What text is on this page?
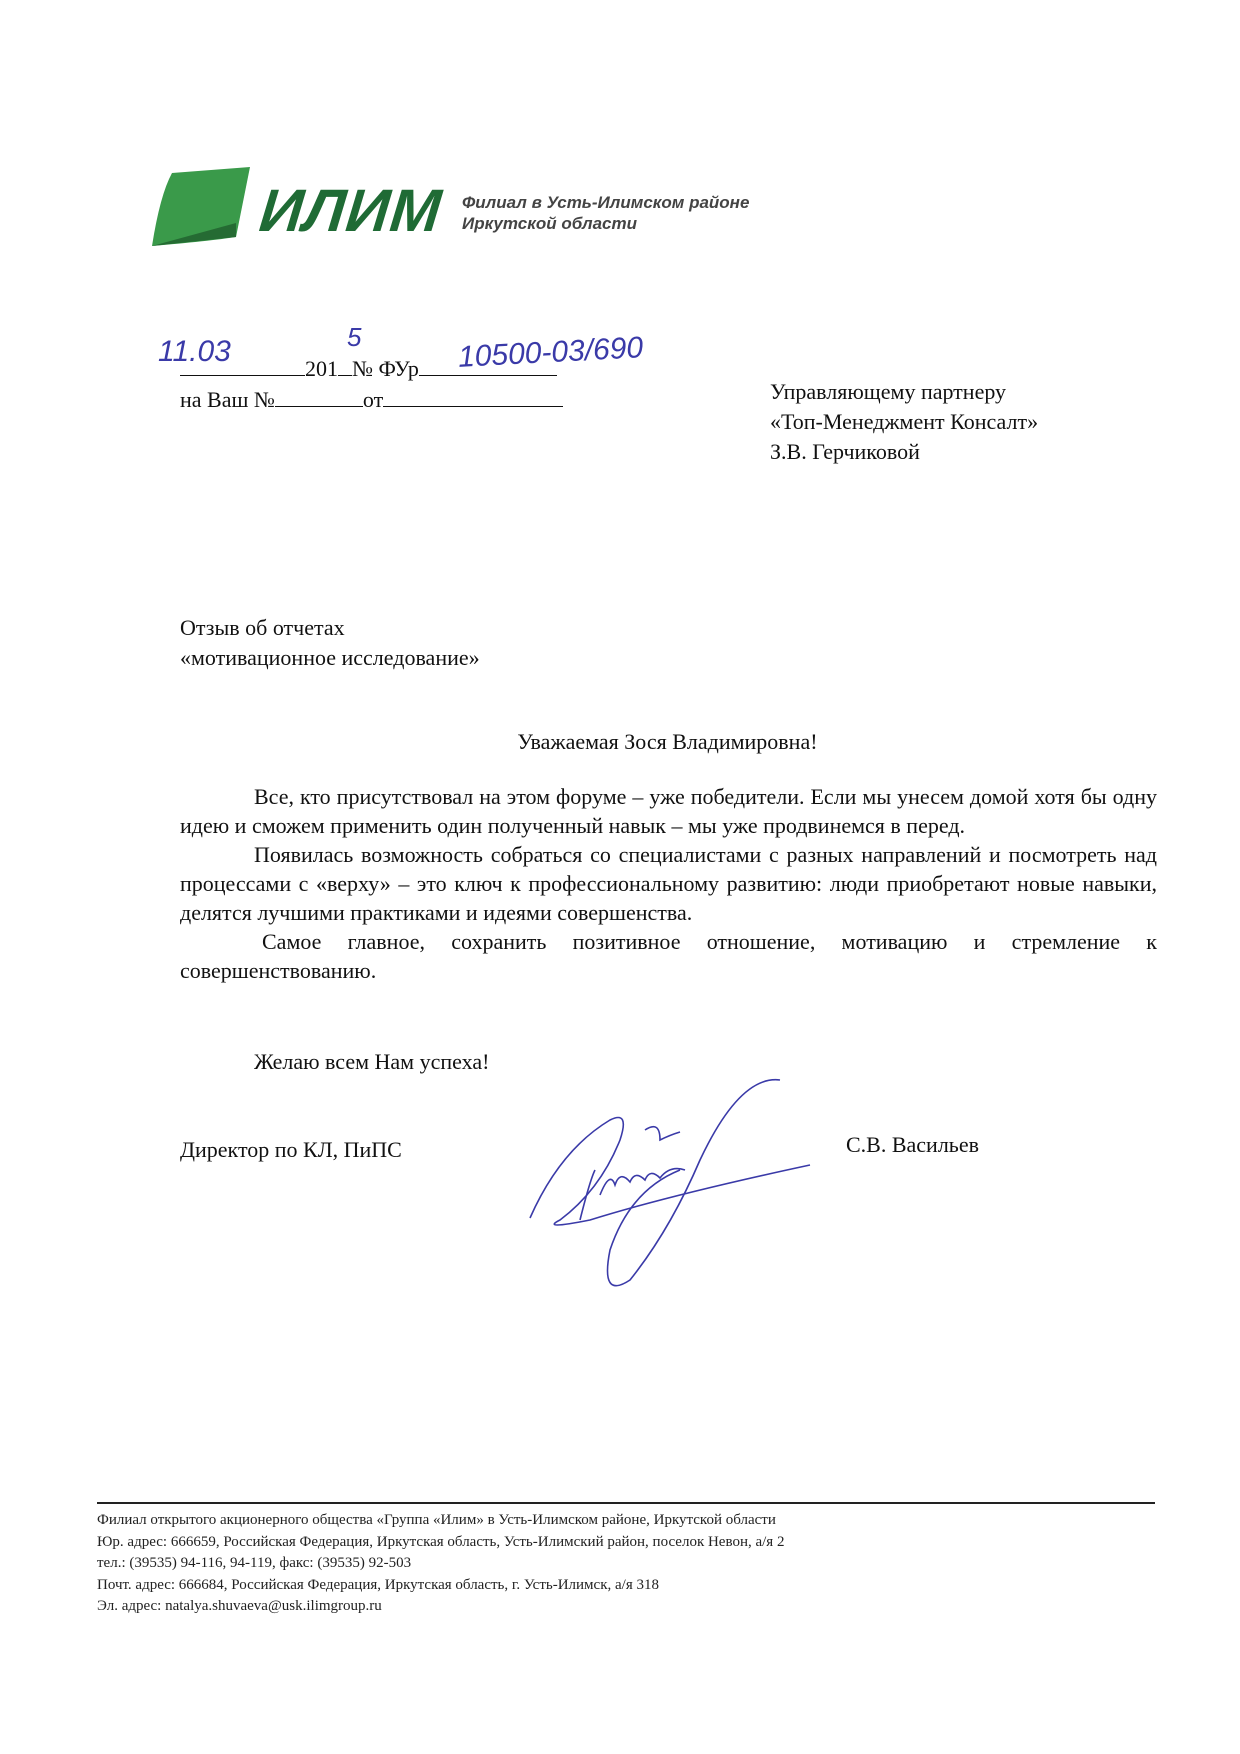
ИЛИМ Филиал в Усть-Илимском районе
Иркутской области
11.03
201 № ФУр
5	10500-03/690
на Ваш №	от	Управляющему партнеру
«Топ-Менеджмент Консалт»
З.В. Герчиковой
Отзыв об отчетах
«мотивационное исследование»
Уважаемая Зося Владимировна!

Все, кто присутствовал на этом форуме – уже победители. Если мы унесем домой хотя бы одну идею и сможем применить один полученный навык – мы уже продвинемся в перед.

Появилась возможность собраться со специалистами с разных направлений и посмотреть над процессами с «верху» – это ключ к профессиональному развитию: люди приобретают новые навыки, делятся лучшими практиками и идеями совершенства.

Самое главное, сохранить позитивное отношение, мотивацию и стремление к совершенствованию.

Желаю всем Нам успеха!
Директор по КЛ, ПиПС	С.В. Васильев
Филиал открытого акционерного общества «Группа «Илим» в Усть-Илимском районе, Иркутской области
Юр. адрес: 666659, Российская Федерация, Иркутская область, Усть-Илимский район, поселок Невон, а/я 2
тел.: (39535) 94-116, 94-119, факс: (39535) 92-503
Почт. адрес: 666684, Российская Федерация, Иркутская область, г. Усть-Илимск, а/я 318
Эл. адрес: natalya.shuvaeva@usk.ilimgroup.ru
